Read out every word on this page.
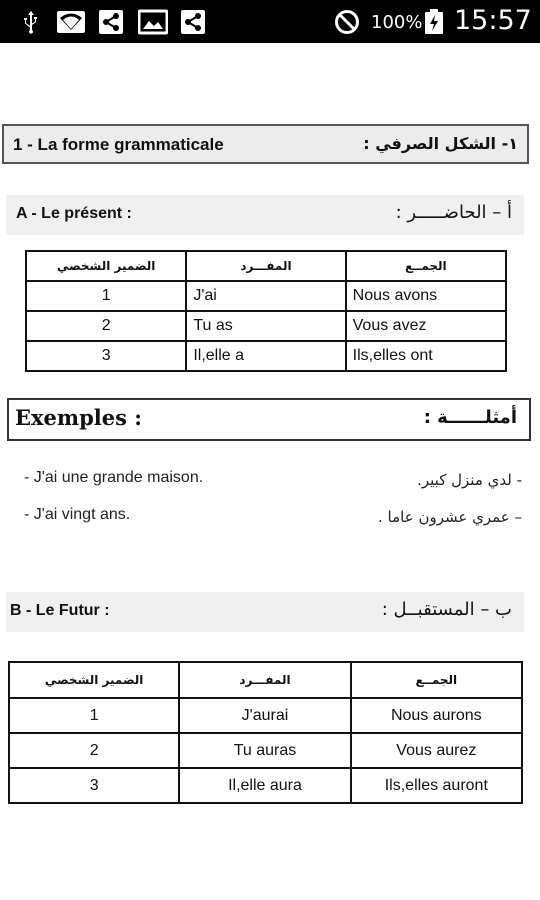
100% 15:57
1 - La forme grammaticale	١- الشكل الصرفي :
A - Le présent :	أ – الحاضـــــر :
الضمير الشخصي	المفـــرد	الجمــع
1	J'ai	Nous avons
2	Tu as	Vous avez
3	Il,elle a	Ils,elles ont
Exemples :	أمثلــــــة :
- J'ai une grande maison.	- لدي منزل كبير.
- J'ai vingt ans.	– عمري عشرون عاما .
B - Le Futur :	ب – المستقبــل :
الضمير الشخصي	المفـــرد	الجمــع
1	J'aurai	Nous aurons
2	Tu auras	Vous aurez
3	Il,elle aura	Ils,elles auront
